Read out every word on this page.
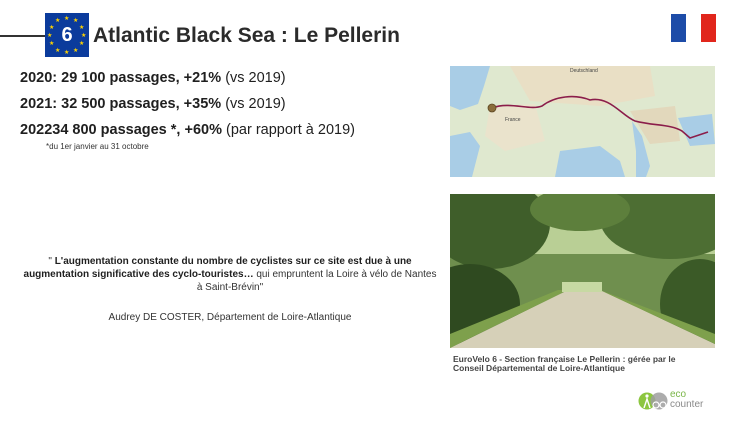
★ ★
★
★
★
★
★
★
★
★
★
★
6 Atlantic Black Sea : Le Pellerin
2020: 29 100 passages, +21% (vs 2019)
2021: 32 500 passages, +35% (vs 2019)
202234 800 passages *, +60% (par rapport à 2019)
*du 1er janvier au 31 octobre
Deutschland
France
EuroVelo 6 - Section française Le Pellerin : gérée par le Conseil Départemental de Loire-Atlantique
" L'augmentation constante du nombre de cyclistes sur ce site est due à une augmentation significative des cyclo-touristes… qui empruntent la Loire à vélo de Nantes à Saint-Brévin"
Audrey DE COSTER, Département de Loire-Atlantique
eco
counter
